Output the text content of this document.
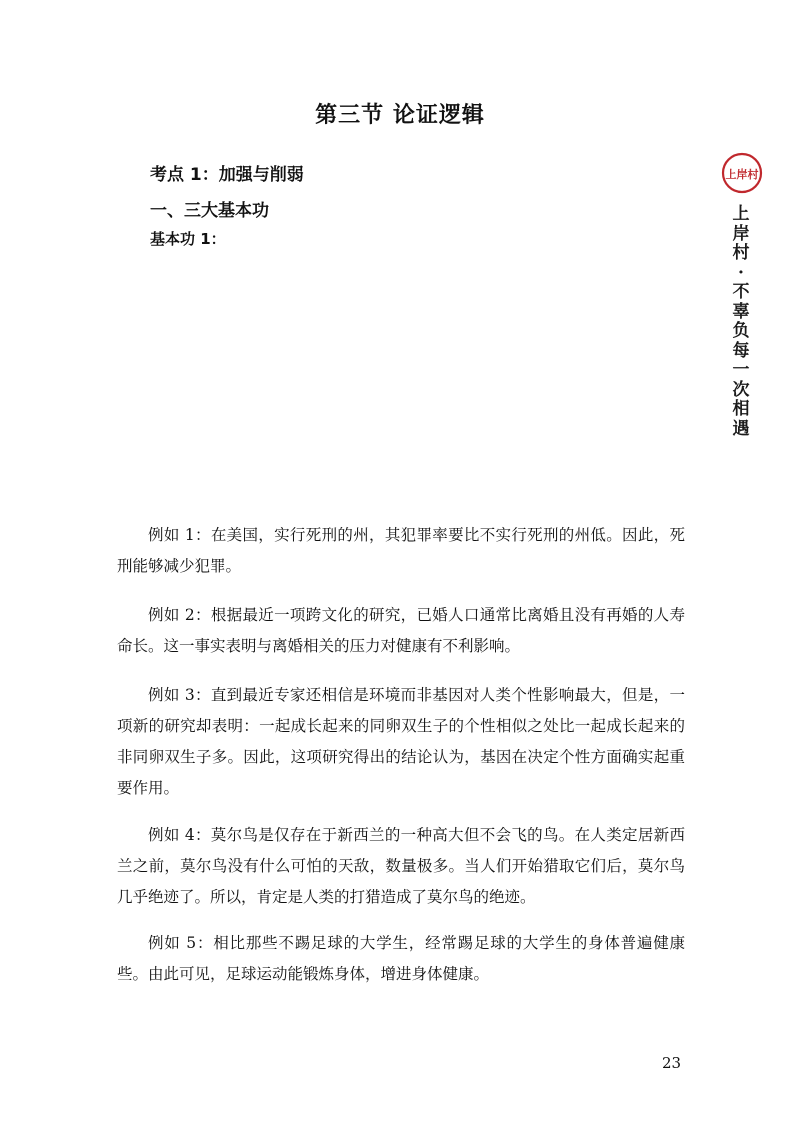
第三节 论证逻辑
考点 1：加强与削弱
一、三大基本功
基本功 1：

例如 1：在美国，实行死刑的州，其犯罪率要比不实行死刑的州低。因此，死刑能够减少犯罪。

例如 2：根据最近一项跨文化的研究，已婚人口通常比离婚且没有再婚的人寿命长。这一事实表明与离婚相关的压力对健康有不利影响。

例如 3：直到最近专家还相信是环境而非基因对人类个性影响最大，但是，一项新的研究却表明：一起成长起来的同卵双生子的个性相似之处比一起成长起来的非同卵双生子多。因此，这项研究得出的结论认为，基因在决定个性方面确实起重要作用。

例如 4：莫尔鸟是仅存在于新西兰的一种高大但不会飞的鸟。在人类定居新西兰之前，莫尔鸟没有什么可怕的天敌，数量极多。当人们开始猎取它们后，莫尔鸟几乎绝迹了。所以，肯定是人类的打猎造成了莫尔鸟的绝迹。

例如 5：相比那些不踢足球的大学生，经常踢足球的大学生的身体普遍健康些。由此可见，足球运动能锻炼身体，增进身体健康。

23
上岸村
上岸村·不辜负每一次相遇
